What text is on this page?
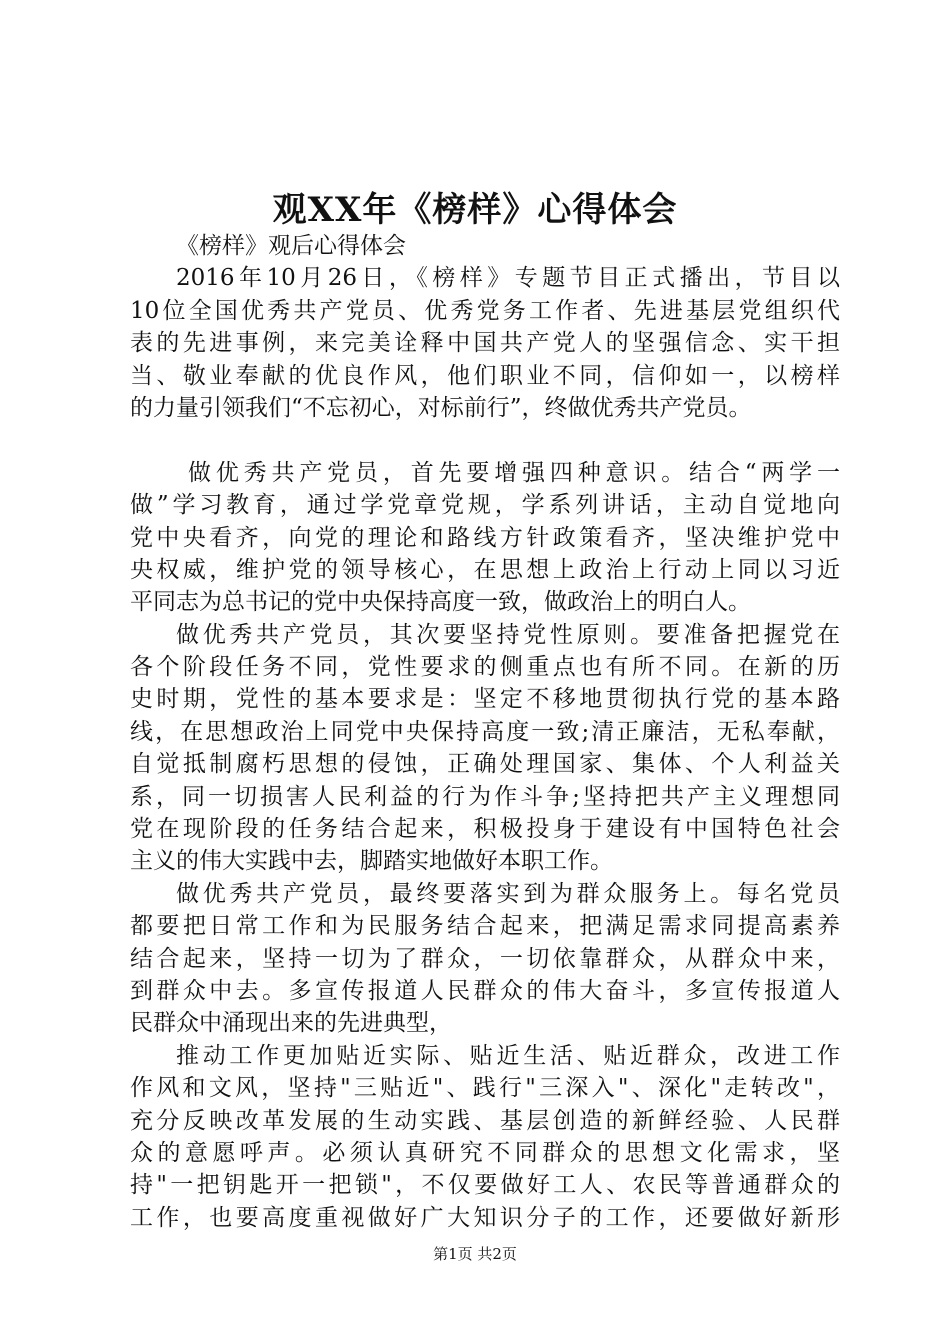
观XX年《榜样》心得体会
《榜样》观后心得体会
2016年10月26日，《榜样》专题节目正式播出，节目以
10位全国优秀共产党员、优秀党务工作者、先进基层党组织代
表的先进事例，来完美诠释中国共产党人的坚强信念、实干担
当、敬业奉献的优良作风，他们职业不同，信仰如一，以榜样
的力量引领我们“不忘初心，对标前行”，终做优秀共产党员。
做优秀共产党员，首先要增强四种意识。结合“两学一
做”学习教育，通过学党章党规，学系列讲话，主动自觉地向
党中央看齐，向党的理论和路线方针政策看齐，坚决维护党中
央权威，维护党的领导核心，在思想上政治上行动上同以习近
平同志为总书记的党中央保持高度一致，做政治上的明白人。
做优秀共产党员，其次要坚持党性原则。要准备把握党在
各个阶段任务不同，党性要求的侧重点也有所不同。在新的历
史时期，党性的基本要求是：坚定不移地贯彻执行党的基本路
线，在思想政治上同党中央保持高度一致;清正廉洁，无私奉献，
自觉抵制腐朽思想的侵蚀，正确处理国家、集体、个人利益关
系，同一切损害人民利益的行为作斗争;坚持把共产主义理想同
党在现阶段的任务结合起来，积极投身于建设有中国特色社会
主义的伟大实践中去，脚踏实地做好本职工作。
做优秀共产党员，最终要落实到为群众服务上。每名党员
都要把日常工作和为民服务结合起来，把满足需求同提高素养
结合起来，坚持一切为了群众，一切依靠群众，从群众中来，
到群众中去。多宣传报道人民群众的伟大奋斗，多宣传报道人
民群众中涌现出来的先进典型，
推动工作更加贴近实际、贴近生活、贴近群众，改进工作
作风和文风，坚持"三贴近"、践行"三深入"、深化"走转改"，
充分反映改革发展的生动实践、基层创造的新鲜经验、人民群
众的意愿呼声。必须认真研究不同群众的思想文化需求，坚
持"一把钥匙开一把锁"，不仅要做好工人、农民等普通群众的
工作，也要高度重视做好广大知识分子的工作，还要做好新形
第1页 共2页
